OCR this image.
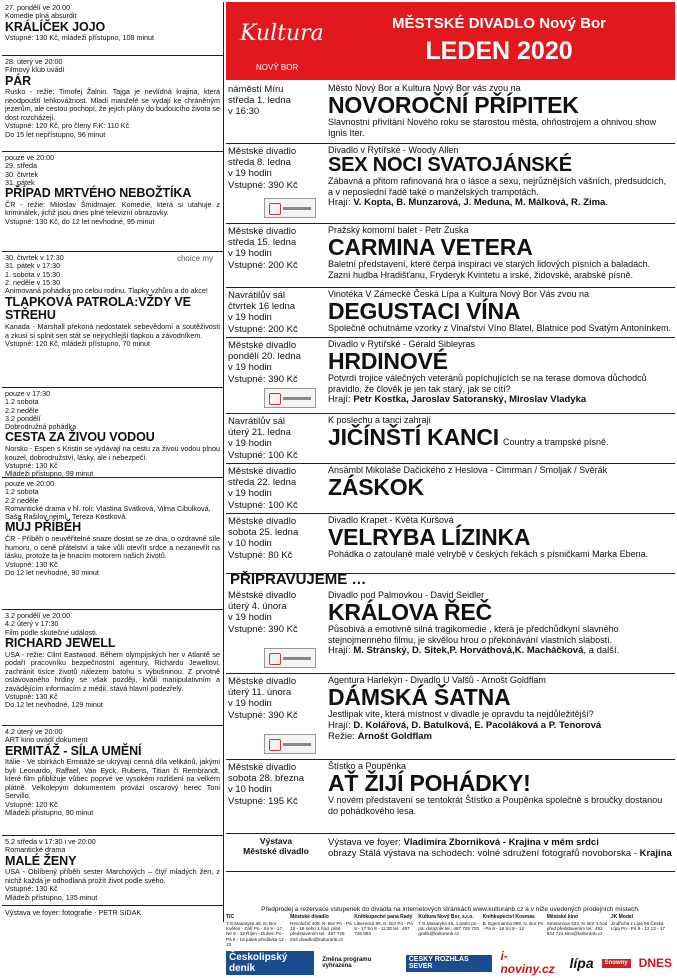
27. pondělí ve 20:00
Komedie plná absurdit
KRÁLÍČEK JOJO
Vstupné: 130 Kč, mládeži přístupno, 108 minut
28. úterý ve 20:00
Filmový klub uvádí
PÁR
Rusko - režie: Timofej Žalnin. Tajga je nevlídná krajina, která neodpouští lehkovážnost. Mladí manželé se vydají ke chráněným jezerům, ale cestou pochopí, že jejich plány do budoucího života se dost rozcházejí.
Vstupné: 120 Kč, pro členy F.K: 110 Kč
Do 15 let nepřístupno, 96 minut
pouze ve 20:00
29. středa
30. čtvrtek
31. pátek
PŘÍPAD MRTVÉHO NEBOŽTÍKA
ČR - režie: Miloslav Šmidmajer. Komedie, která si utahuje z kriminálek, jichž jsou dnes plné televizní obrazovky.
Vstupné: 130 Kč, do 12 let nevhodné, 95 minut
30. čtvrtek v 17:30
31. pátek v 17:30
1. sobota v 15:30
2. neděle v 15:30
choice my
Animovaná pohádka pro celou rodinu. Tlapky vzhůru a do akce!
TLAPKOVÁ PATROLA:VŽDY VE STŘEHU
Kanada - Marshall překoná nedostatek sebevědomí a soutěživosti a zkusí si splnit sen stát se nejrychlejší tlapkou a závodníkem.
Vstupné: 120 Kč, mládeži přístupno, 70 minut
pouze v 17:30
1.2 sobota
2.2 neděle
3.2 pondělí
Dobrodružná pohádka
CESTA ZA ŽIVOU VODOU
Norsko - Espen s Kristin se vydávají na cestu za živou vodou plnou kouzel, dobrodružství, lásky, ale i nebezpečí.
Vstupné: 130 Kč
Mládeži přístupno, 99 minut
pouze ve 20:00
1.2 sobota
2.2 neděle
Romantické drama v hl. roli: Vlastina Svátková, Vilma Cibulková, Saša Rašilov nejml., Tereza Kostková.
MŮJ PŘÍBĚH
ČR - Příběh o neuvěřitelné snaze dostat se ze dna, o ozdravné síle humoru, o ceně přátelství a také vůli otevřít srdce a nezanevřít na lásku, protože ta je hnacím motorem našich životů.
Vstupné: 130 Kč
Do 12 let nevhodné, 90 minut
3.2 pondělí ve 20:00
4.2 úterý v 17:30
Film podle skutečné události.
RICHARD JEWELL
USA - režie: Clint Eastwood. Během olympijských her v Atlantě se podaří pracovníku bezpečnostní agentury, Richardu Jewellovi, zachránit tisíce životů nálezem batohu s výbušninou. Z prvotně oslavovaného hrdiny se však později, kvůli manipulativním a zavádějícím informacím z médií, stává hlavní podezřelý.
Vstupné: 130 Kč
Do 12 let nevhodné, 129 minut
4.2 úterý ve 20:00
ART kino uvádí dokument
ERMITÁŽ - SÍLA UMĚNÍ
Itálie - Ve sbírkách Ermitáže se ukrývají cenná díla velikánů, jakými byli Leonardo, Raffael, Van Eyck, Rubens, Titian či Rembrandt, které film přibližuje vůbec poprvé ve vysokém rozlišení na velkém plátně. Velkolepým dokumentem provází oscarový herec Toni Servillo.
Vstupné: 120 Kč
Mládeži přístupno, 90 minut
5.2 středa v 17:30 i ve 20:00
Romantické drama
MALÉ ŽENY
USA - Oblíbený příběh sester Marchových – čtyř mladých žen, z nichž každá je odhodlaná prožít život podle svého.
Vstupné: 130 Kč
Mládeži přístupno, 135 minut
Výstava ve foyer: fotografie - PETR SIDAK
Kultura
NOVÝ BOR
MĚSTSKÉ DIVADLO Nový Bor
LEDEN 2020
náměstí Míru
středa 1. ledna
v 16:30
Město Nový Bor a Kultura Nový Bor vás zvou na
NOVOROČNÍ PŘÍPITEK
Slavnostní přivítání Nového roku se starostou města, ohňostrojem a ohnivou show Ignis Iter.
Městské divadlo
středa 8. ledna
v 19 hodin
Vstupné: 390 Kč
Divadlo v Rytířské - Woody Allen
SEX NOCI SVATOJÁNSKÉ
Zábavná a přitom rafinovaná hra o lásce a sexu, nejrůznějších vášních, předsudcích, a v neposlední řadě také o manželských trampotách.
Hrají: V. Kopta, B. Munzarová, J. Meduna, M. Málková, R. Zima.
Městské divadlo
středa 15. ledna
v 19 hodin
Vstupné: 200 Kč
Pražský komorní balet - Petr Zuska
CARMINA VETERA
Baletní představení, které čerpá inspiraci ve starých lidových písních a baladách. Zazní hudba Hradišťanu, Fryderyk Kvintetu a irské, židovské, arabské písně.
Navrátilův sál
čtvrtek 16 ledna
v 19 hodin
Vstupné: 200 Kč
Vinotéka V Zámecké Česká Lípa a Kultura Nový Bor Vás zvou na
DEGUSTACI VÍNA
Společně ochutnáme vzorky z Vinařství Víno Blatel, Blatnice pod Svatým Antonínkem.
Městské divadlo
pondělí 20. ledna
v 19 hodin
Vstupné: 390 Kč
Divadlo v Rytířské - Gérald Sibleyras
HRDINOVÉ
Potvrdí trojice válečných veteránů popíchujících se na terase domova důchodců pravidlo, že člověk je jen tak starý, jak se cítí?
Hrají: Petr Kostka, Jaroslav Satoranský, Miroslav Vladyka
Navrátilův sál
úterý 21. ledna
v 19 hodin
Vstupné: 100 Kč
K poslechu a tanci zahrají
JIČÍNŠTÍ KANCI Country a trampské písně.
Městské divadlo
středa 22. ledna
v 19 hodin
Vstupné: 100 Kč
Ansámbl Mikoláše Dačického z Heslova - Cimrman / Smoljak / Svěrák
ZÁSKOK
Městské divadlo
sobota 25. ledna
v 10 hodin
Vstupné: 80 Kč
Divadlo Krapet - Květa Kuršová
VELRYBA LÍZINKA
Pohádka o zatoulané malé velrybě v českých řekách s písničkami Marka Ebena.
PŘIPRAVUJEME …
Městské divadlo
úterý 4. února
v 19 hodin
Vstupné: 390 Kč
Divadlo pod Palmovkou - David Seidler
KRÁLOVA ŘEČ
Působivá a emotivně silná tragikomedie , která je předchůdkyní slavného stejnojmenného filmu, je skvělou hrou o překonávání vlastních slabostí.
Hrají: M. Stránský, D. Sitek,P. Horváthová,K. Macháčková, a další.
Městské divadlo
úterý 11. února
v 19 hodin
Vstupné: 390 Kč
Agentura Harlekýn - Divadlo U Valšů - Arnošt Goldflam
DÁMSKÁ ŠATNA
Jestlipak víte, která místnost v divadle je opravdu ta nejdůležitější?
Hrají: D. Kolářová, D. Batulková, E. Pacoláková a P. Tenorová
Režie: Arnošt Goldflam
Městské divadlo
sobota 28. března
v 10 hodin
Vstupné: 195 Kč
Štístko a Poupěnka
AŤ ŽIJÍ POHÁDKY!
V novém představení se tentokrát Štístko a Poupěnka společně s broučky dostanou do pohádkového lesa.
Výstava
Městské divadlo
Výstava ve foyer: Vladimíra Zborníková - Krajina v mém srdci
obrazy Stálá výstava na schodech: volné sdružení fotografů novoborska - Krajina
Předprodej a rezervace vstupenek do divadla na internetových stránkách www.kulturanb.cz a v níže uvedených prodejních místech.
TIC
T.G.Masaryka 46, N. Bor Květen - Září Po - So 9 - 17 Ne 9 - 12 Říjen - Duben Po - Pá 9 - 16 pátek předávka 12 - 13
Městské divadlo
Revoluční 408, N. Bor Po - Pá 15 - 18 nebo 1 hod. před představením tel.: 487 725 634 divadlo@kulturanb.cz
Knihkupectví pana Radý
Liberecká 86, N. Bor Po - Pá 9 - 17 So 8 - 11:30 tel.: 487 726 993
Kultura Nový Bor, s.r.o.
T.G.Masaryka 45, 1.patro po - pá: dotazník tel.: 487 726 703 grafik@kulturanb.cz
Knihkupectví Kosmas
B. Egermanna 999, N. Bor Po - Pá 9 - 18 So 9 - 12
Městské kino
Smetanova 523, N. Bor 1 hod před představením tel.: 483 634 721 kino@kulturanb.cz
JK Model
Jindřicha z Lipé 96 Česká Lípa Po - Pá 9 - 12 13 - 17
Českolipský deník
Změna programu vyhrazena
ČESKÝ ROZHLAS SEVER
i-noviny.cz	lípa	Snowny DNES
